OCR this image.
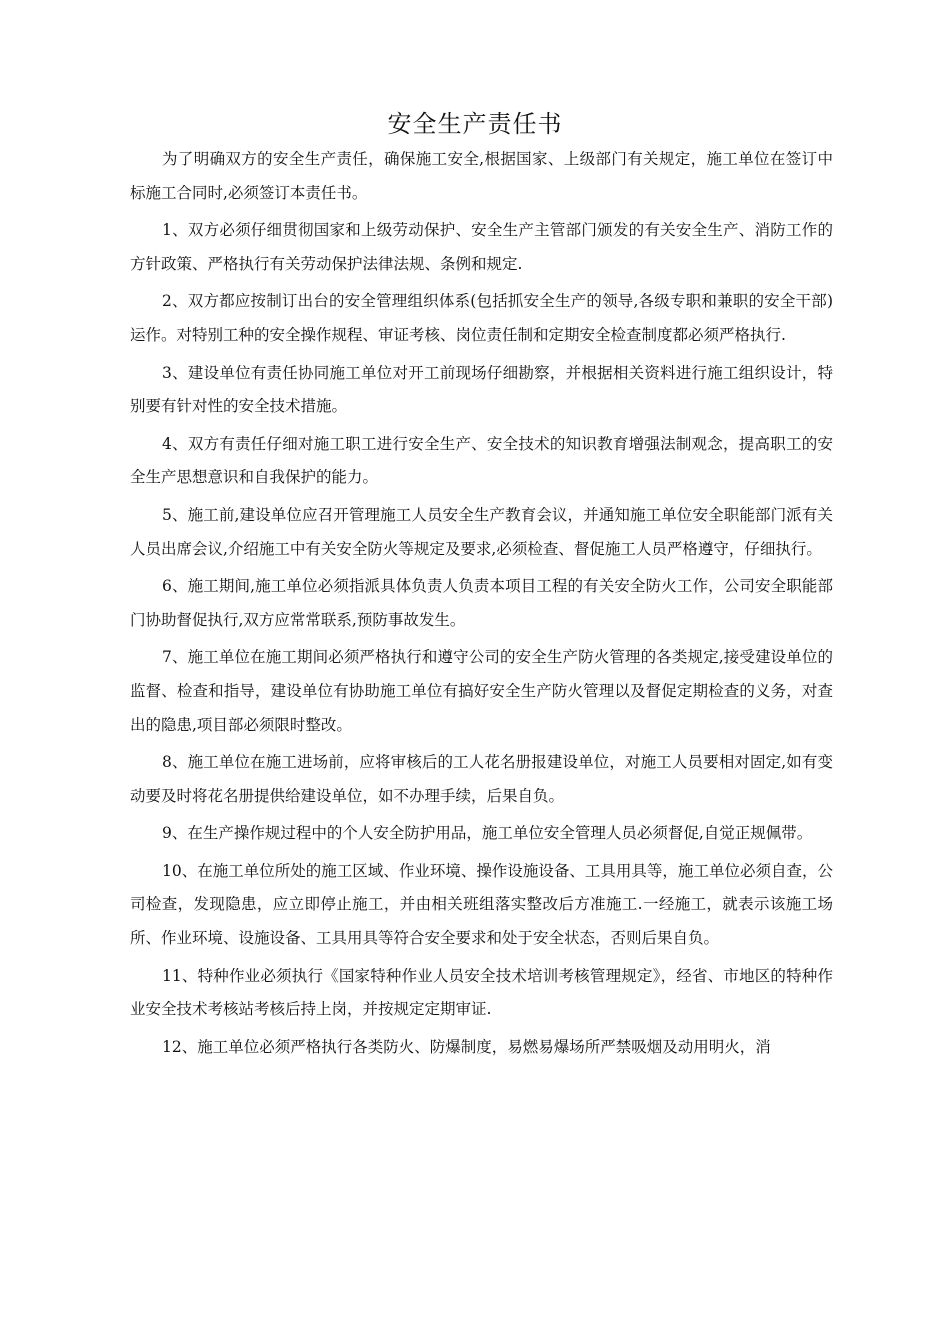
安全生产责任书

为了明确双方的安全生产责任，确保施工安全,根据国家、上级部门有关规定，施工单位在签订中标施工合同时,必须签订本责任书。

1、双方必须仔细贯彻国家和上级劳动保护、安全生产主管部门颁发的有关安全生产、消防工作的方针政策、严格执行有关劳动保护法律法规、条例和规定.

2、双方都应按制订出台的安全管理组织体系(包括抓安全生产的领导,各级专职和兼职的安全干部)运作。对特别工种的安全操作规程、审证考核、岗位责任制和定期安全检查制度都必须严格执行.

3、建设单位有责任协同施工单位对开工前现场仔细勘察，并根据相关资料进行施工组织设计，特别要有针对性的安全技术措施。

4、双方有责任仔细对施工职工进行安全生产、安全技术的知识教育增强法制观念，提高职工的安全生产思想意识和自我保护的能力。

5、施工前,建设单位应召开管理施工人员安全生产教育会议，并通知施工单位安全职能部门派有关人员出席会议,介绍施工中有关安全防火等规定及要求,必须检查、督促施工人员严格遵守，仔细执行。

6、施工期间,施工单位必须指派具体负责人负责本项目工程的有关安全防火工作，公司安全职能部门协助督促执行,双方应常常联系,预防事故发生。

7、施工单位在施工期间必须严格执行和遵守公司的安全生产防火管理的各类规定,接受建设单位的监督、检查和指导，建设单位有协助施工单位有搞好安全生产防火管理以及督促定期检查的义务，对查出的隐患,项目部必须限时整改。

8、施工单位在施工进场前，应将审核后的工人花名册报建设单位，对施工人员要相对固定,如有变动要及时将花名册提供给建设单位，如不办理手续，后果自负。

9、在生产操作规过程中的个人安全防护用品，施工单位安全管理人员必须督促,自觉正规佩带。

10、在施工单位所处的施工区域、作业环境、操作设施设备、工具用具等，施工单位必须自查，公司检查，发现隐患，应立即停止施工，并由相关班组落实整改后方准施工.一经施工，就表示该施工场所、作业环境、设施设备、工具用具等符合安全要求和处于安全状态，否则后果自负。

11、特种作业必须执行《国家特种作业人员安全技术培训考核管理规定》，经省、市地区的特种作业安全技术考核站考核后持上岗，并按规定定期审证.

12、施工单位必须严格执行各类防火、防爆制度，易燃易爆场所严禁吸烟及动用明火，消
